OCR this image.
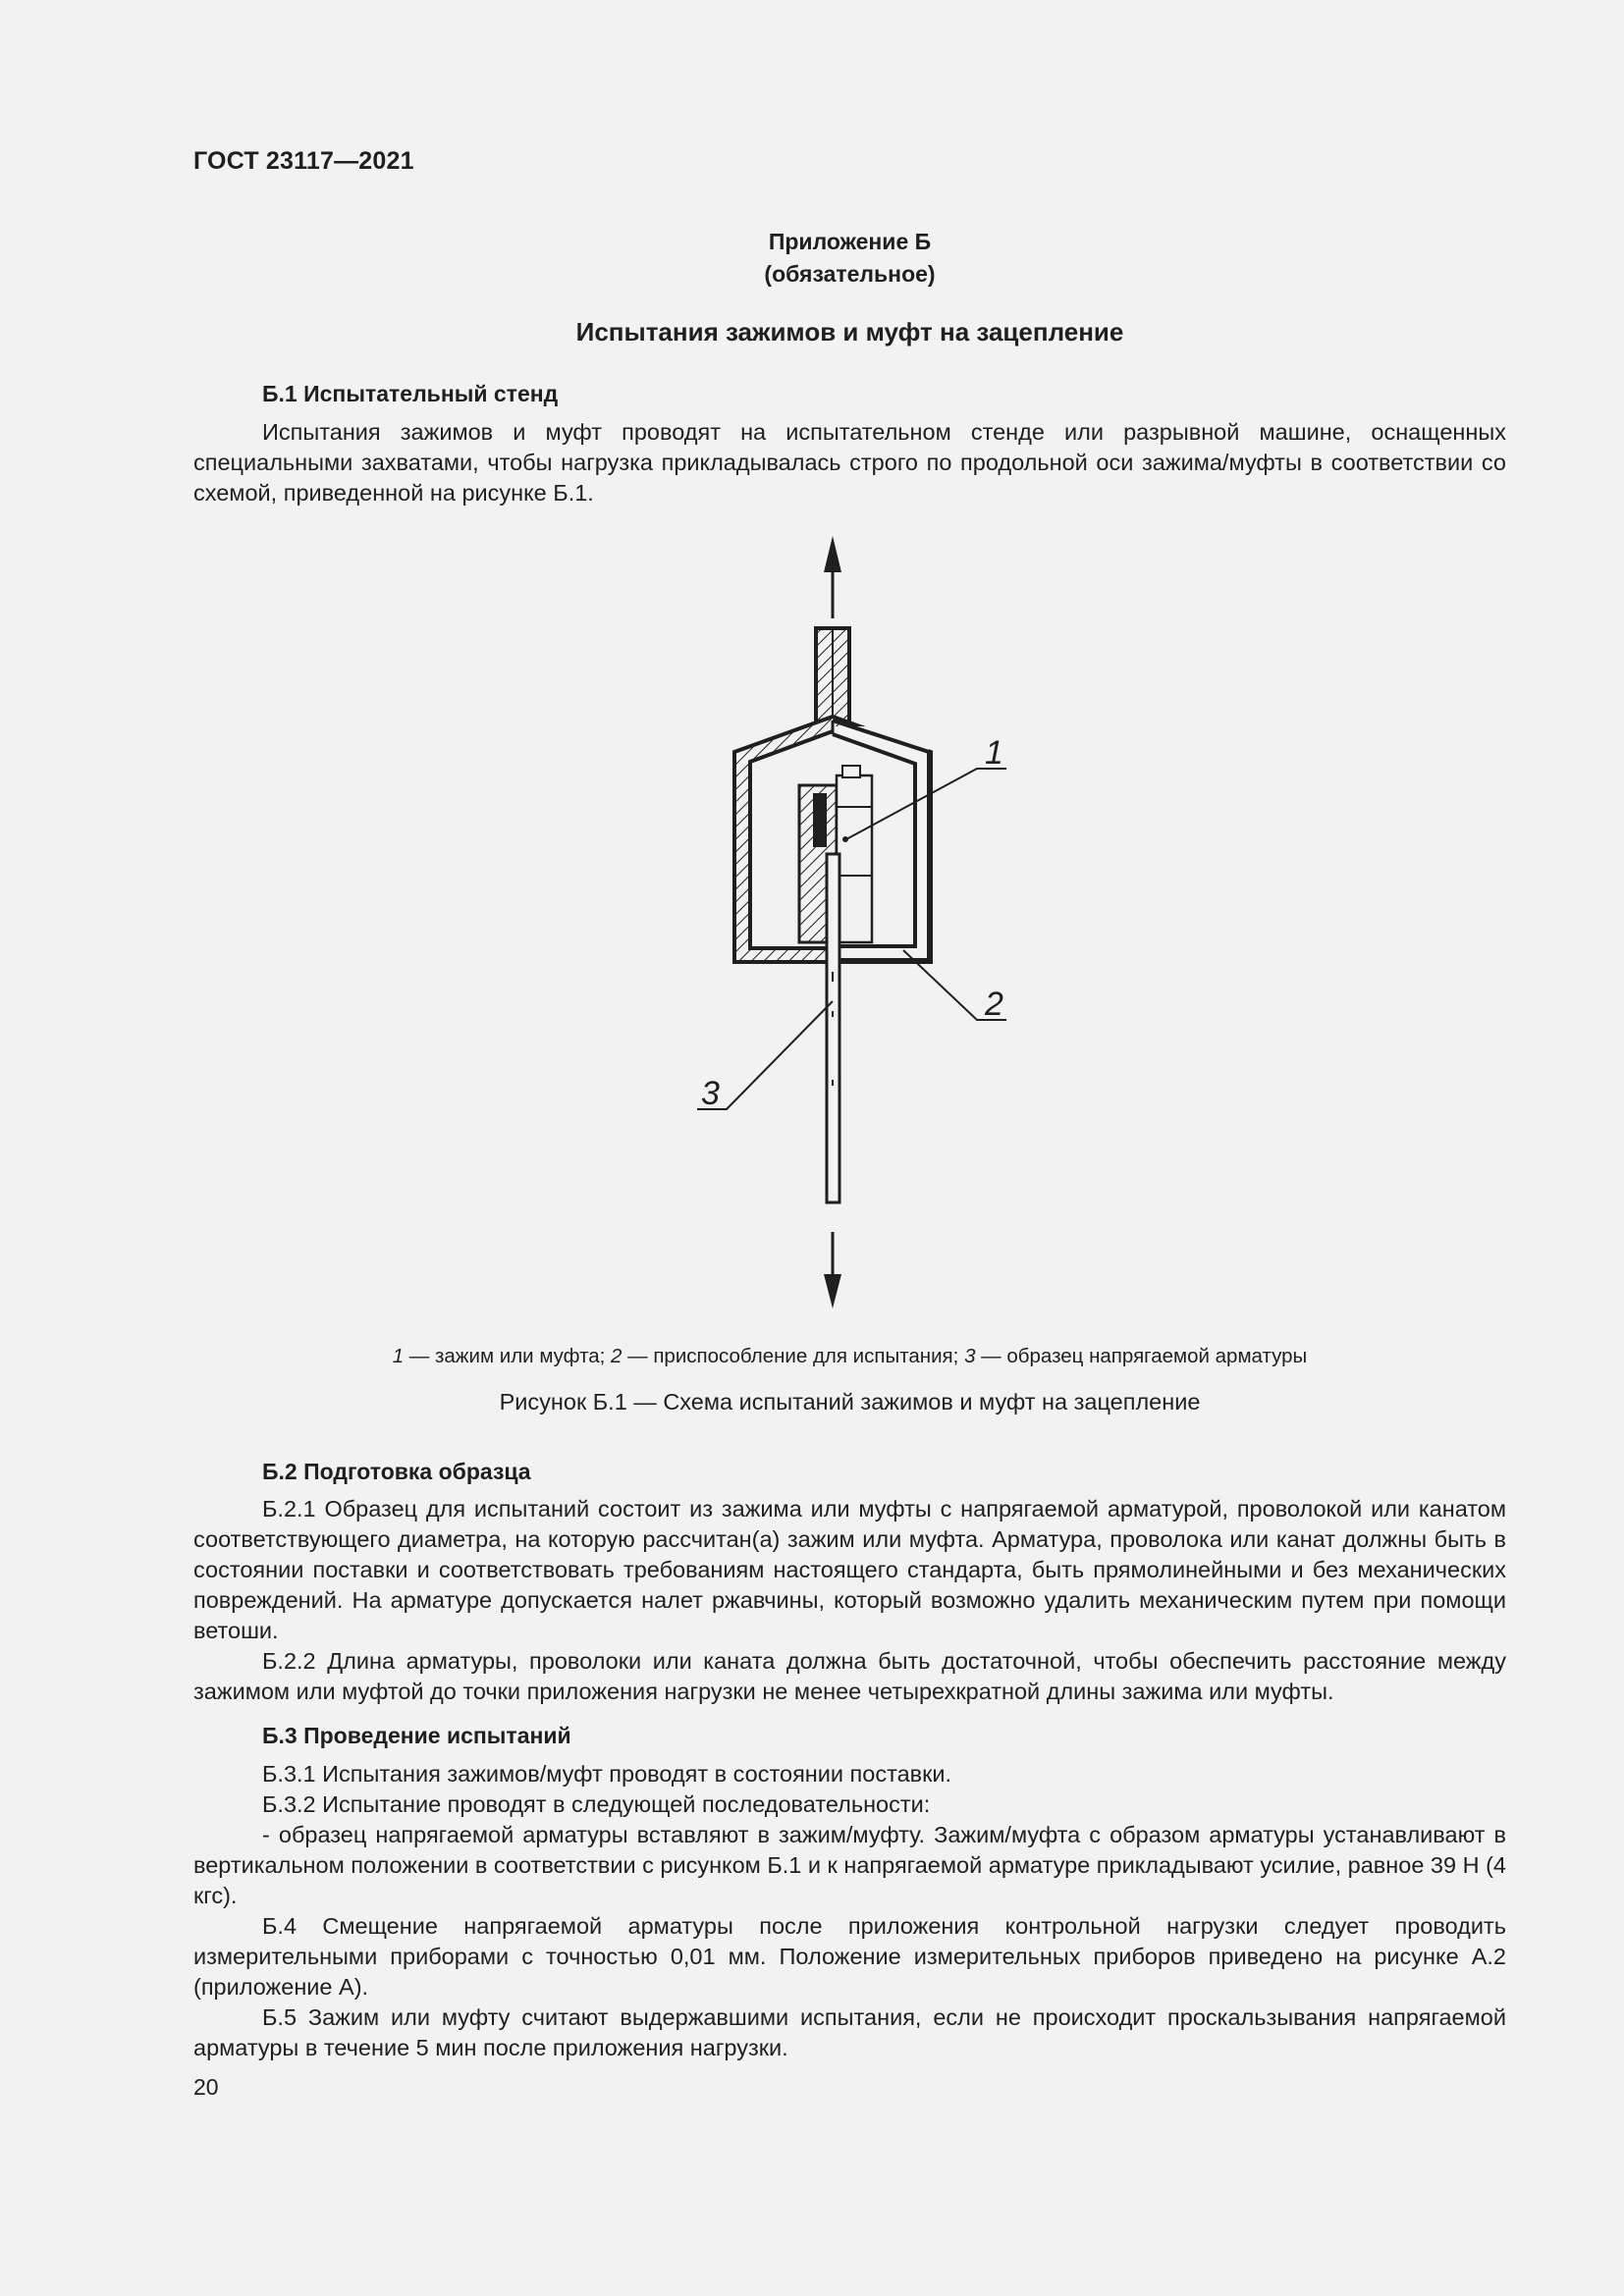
ГОСТ 23117—2021
Приложение Б
(обязательное)
Испытания зажимов и муфт на зацепление
Б.1 Испытательный стенд

Испытания зажимов и муфт проводят на испытательном стенде или разрывной машине, оснащенных специальными захватами, чтобы нагрузка прикладывалась строго по продольной оси зажима/муфты в соответствии со схемой, приведенной на рисунке Б.1.

1
2
3
1 — зажим или муфта; 2 — приспособление для испытания; 3 — образец напрягаемой арматуры
Рисунок Б.1 — Схема испытаний зажимов и муфт на зацепление
Б.2 Подготовка образца

Б.2.1 Образец для испытаний состоит из зажима или муфты с напрягаемой арматурой, проволокой или канатом соответствующего диаметра, на которую рассчитан(а) зажим или муфта. Арматура, проволока или канат должны быть в состоянии поставки и соответствовать требованиям настоящего стандарта, быть прямолинейными и без механических повреждений. На арматуре допускается налет ржавчины, который возможно удалить механическим путем при помощи ветоши.

Б.2.2 Длина арматуры, проволоки или каната должна быть достаточной, чтобы обеспечить расстояние между зажимом или муфтой до точки приложения нагрузки не менее четырехкратной длины зажима или муфты.

Б.3 Проведение испытаний

Б.3.1 Испытания зажимов/муфт проводят в состоянии поставки.

Б.3.2 Испытание проводят в следующей последовательности:

- образец напрягаемой арматуры вставляют в зажим/муфту. Зажим/муфта с образом арматуры устанавливают в вертикальном положении в соответствии с рисунком Б.1 и к напрягаемой арматуре прикладывают усилие, равное 39 Н (4 кгс).

Б.4 Смещение напрягаемой арматуры после приложения контрольной нагрузки следует проводить измерительными приборами с точностью 0,01 мм. Положение измерительных приборов приведено на рисунке А.2 (приложение А).

Б.5 Зажим или муфту считают выдержавшими испытания, если не происходит проскальзывания напрягаемой арматуры в течение 5 мин после приложения нагрузки.

20
